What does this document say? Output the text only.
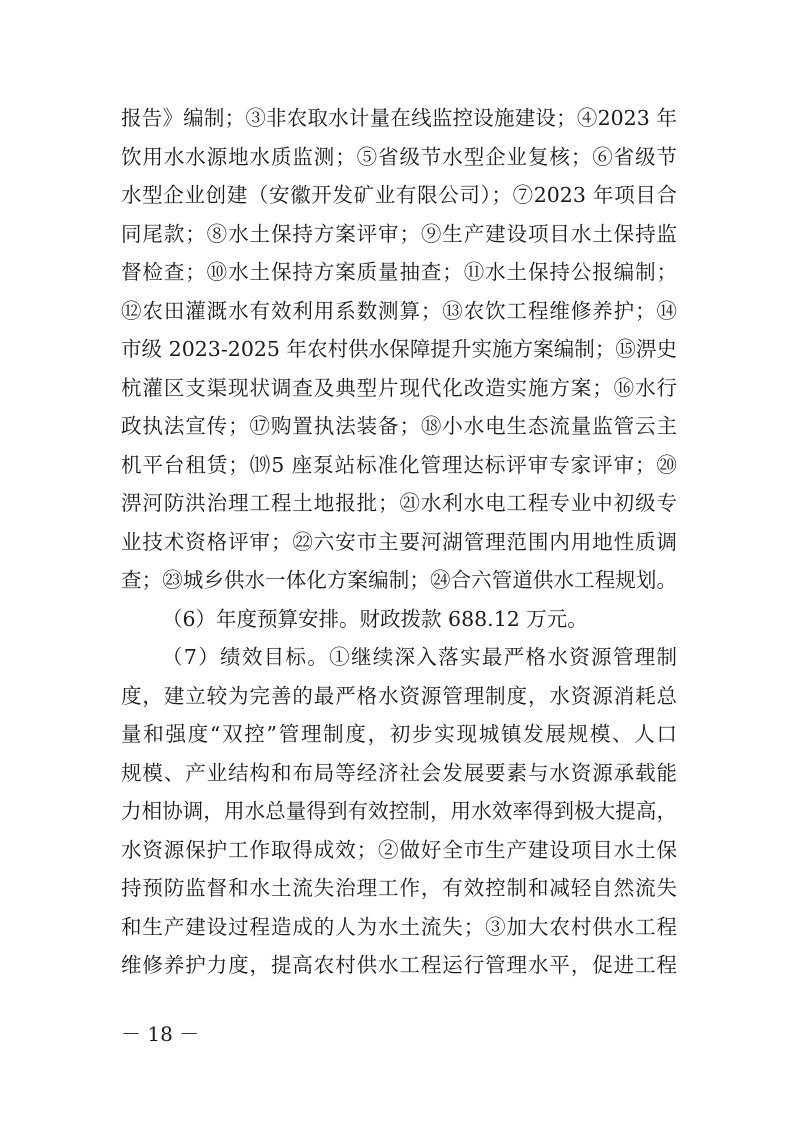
报告》编制；③非农取水计量在线监控设施建设；④2023 年
饮用水水源地水质监测；⑤省级节水型企业复核；⑥省级节
水型企业创建（安徽开发矿业有限公司）；⑦2023 年项目合
同尾款；⑧水土保持方案评审；⑨生产建设项目水土保持监
督检查；⑩水土保持方案质量抽查；⑪水土保持公报编制；
⑫农田灌溉水有效利用系数测算；⑬农饮工程维修养护；⑭
市级 2023-2025 年农村供水保障提升实施方案编制；⑮淠史
杭灌区支渠现状调查及典型片现代化改造实施方案；⑯水行
政执法宣传；⑰购置执法装备；⑱小水电生态流量监管云主
机平台租赁；⒆5 座泵站标准化管理达标评审专家评审；⑳
淠河防洪治理工程土地报批；㉑水利水电工程专业中初级专
业技术资格评审；㉒六安市主要河湖管理范围内用地性质调
查；㉓城乡供水一体化方案编制；㉔合六管道供水工程规划。
（6）年度预算安排。财政拨款 688.12 万元。
（7）绩效目标。①继续深入落实最严格水资源管理制
度，建立较为完善的最严格水资源管理制度，水资源消耗总
量和强度“双控”管理制度，初步实现城镇发展规模、人口
规模、产业结构和布局等经济社会发展要素与水资源承载能
力相协调，用水总量得到有效控制，用水效率得到极大提高，
水资源保护工作取得成效；②做好全市生产建设项目水土保
持预防监督和水土流失治理工作，有效控制和减轻自然流失
和生产建设过程造成的人为水土流失；③加大农村供水工程
维修养护力度，提高农村供水工程运行管理水平，促进工程
－ 18 －
